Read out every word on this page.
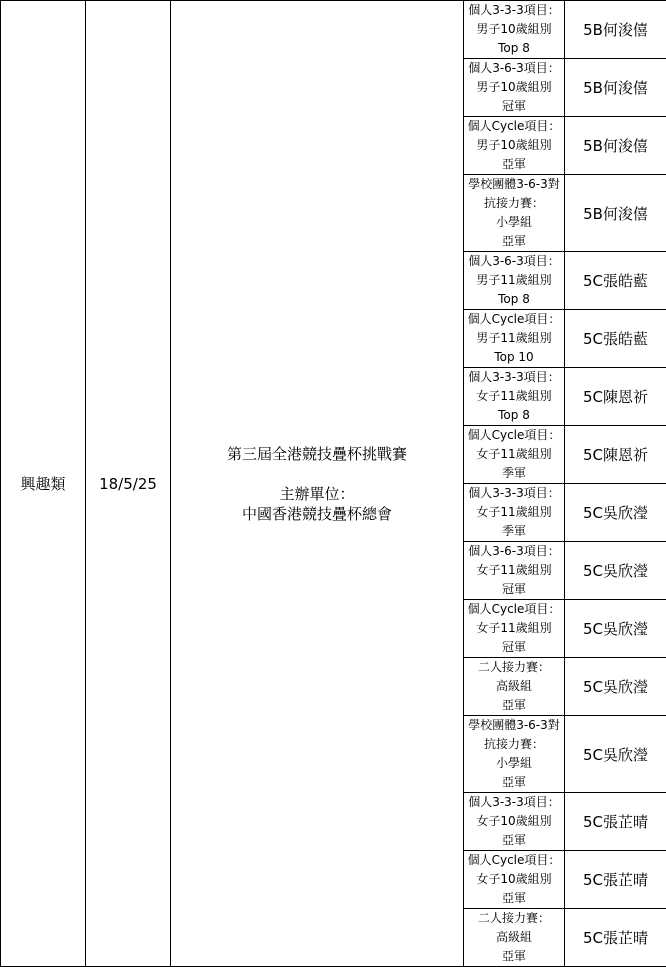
興趣類	18/5/25	第三屆全港競技疊杯挑戰賽
主辦單位：
中國香港競技疊杯總會	個人3-3-3項目：
男子10歲組別
Top 8	5B何浚僖

			個人3-6-3項目：
男子10歲組別
冠軍	5B何浚僖

			個人Cycle項目：
男子10歲組別
亞軍	5B何浚僖

			學校團體3-6-3對
抗接力賽：
小學組
亞軍	5B何浚僖

			個人3-6-3項目：
男子11歲組別
Top 8	5C張皓藍

			個人Cycle項目：
男子11歲組別
Top 10	5C張皓藍

			個人3-3-3項目：
女子11歲組別
Top 8	5C陳恩祈

			個人Cycle項目：
女子11歲組別
季軍	5C陳恩祈

			個人3-3-3項目：
女子11歲組別
季軍	5C吳欣瀅

			個人3-6-3項目：
女子11歲組別
冠軍	5C吳欣瀅

			個人Cycle項目：
女子11歲組別
冠軍	5C吳欣瀅

			二人接力賽：
高級組
亞軍	5C吳欣瀅

			學校團體3-6-3對
抗接力賽：
小學組
亞軍	5C吳欣瀅

			個人3-3-3項目：
女子10歲組別
亞軍	5C張芷晴

			個人Cycle項目：
女子10歲組別
亞軍	5C張芷晴

			二人接力賽：
高級組
亞軍	5C張芷晴
